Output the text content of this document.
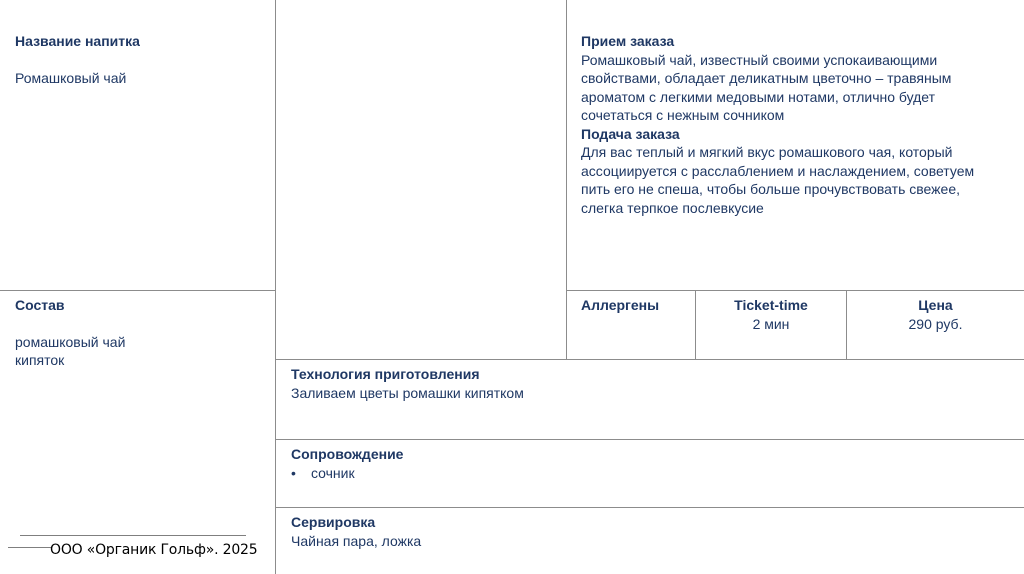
Название напитка
Ромашковый чай
Состав
ромашковый чай
кипяток
Прием заказа
Ромашковый чай, известный своими успокаивающими
свойствами, обладает деликатным цветочно – травяным
ароматом с легкими медовыми нотами, отлично будет
сочетаться с нежным сочником
Подача заказа
Для вас теплый и мягкий вкус ромашкового чая, который
ассоциируется с расслаблением и наслаждением, советуем
пить его не спеша, чтобы больше прочувствовать свежее,
слегка терпкое послевкусие
Аллергены	Ticket-time
2 мин
Цена
290 руб.
Технология приготовления
Заливаем цветы ромашки кипятком
Сопровождение
• сочник
Сервировка
Чайная пара, ложка
ООО «Органик Гольф». 2025
